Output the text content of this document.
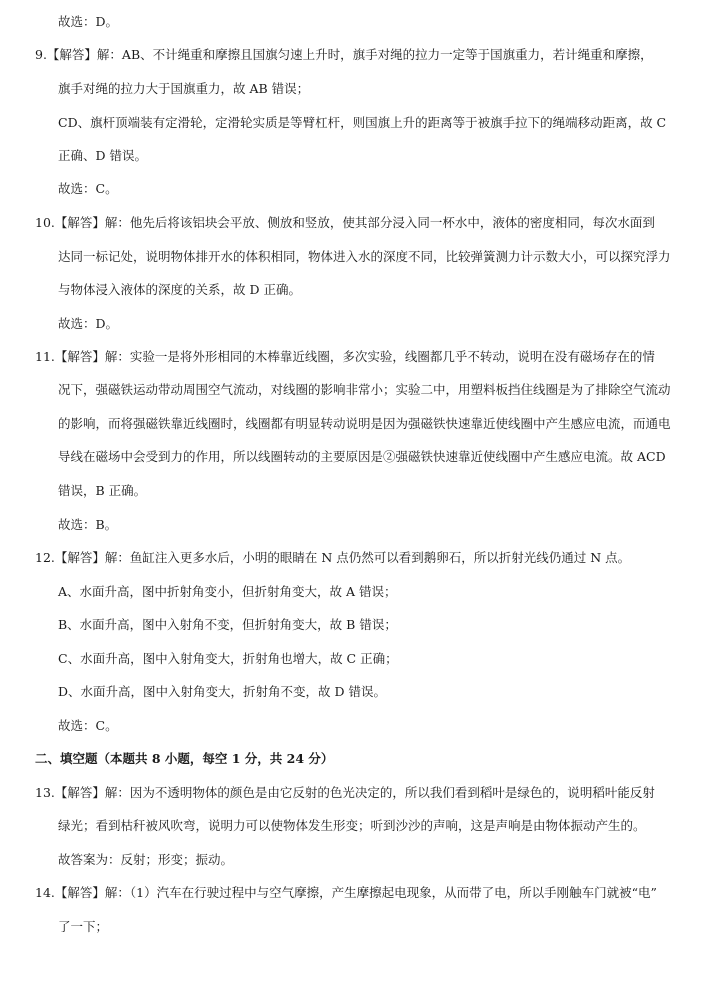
故选：D。
9.【解答】解：AB、不计绳重和摩擦且国旗匀速上升时，旗手对绳的拉力一定等于国旗重力，若计绳重和摩擦，
旗手对绳的拉力大于国旗重力，故 AB 错误；
CD、旗杆顶端装有定滑轮，定滑轮实质是等臂杠杆，则国旗上升的距离等于被旗手拉下的绳端移动距离，故 C
正确、D 错误。
故选：C。
10.【解答】解：他先后将该铝块会平放、侧放和竖放，使其部分浸入同一杯水中，液体的密度相同，每次水面到
达同一标记处，说明物体排开水的体积相同，物体进入水的深度不同，比较弹簧测力计示数大小，可以探究浮力
与物体浸入液体的深度的关系，故 D 正确。
故选：D。
11.【解答】解：实验一是将外形相同的木棒靠近线圈，多次实验，线圈都几乎不转动，说明在没有磁场存在的情
况下，强磁铁运动带动周围空气流动，对线圈的影响非常小；实验二中，用塑料板挡住线圈是为了排除空气流动
的影响，而将强磁铁靠近线圈时，线圈都有明显转动说明是因为强磁铁快速靠近使线圈中产生感应电流，而通电
导线在磁场中会受到力的作用，所以线圈转动的主要原因是②强磁铁快速靠近使线圈中产生感应电流。故 ACD
错误，B 正确。
故选：B。
12.【解答】解：鱼缸注入更多水后，小明的眼睛在 N 点仍然可以看到鹅卵石，所以折射光线仍通过 N 点。
A、水面升高，图中折射角变小，但折射角变大，故 A 错误；
B、水面升高，图中入射角不变，但折射角变大，故 B 错误；
C、水面升高，图中入射角变大，折射角也增大，故 C 正确；
D、水面升高，图中入射角变大，折射角不变，故 D 错误。
故选：C。
二、填空题（本题共 8 小题，每空 1 分，共 24 分）
13.【解答】解：因为不透明物体的颜色是由它反射的色光决定的，所以我们看到稻叶是绿色的，说明稻叶能反射
绿光；看到枯秆被风吹弯，说明力可以使物体发生形变；听到沙沙的声响，这是声响是由物体振动产生的。
故答案为：反射；形变；振动。
14.【解答】解：（1）汽车在行驶过程中与空气摩擦，产生摩擦起电现象，从而带了电，所以手刚触车门就被“电”
了一下；
